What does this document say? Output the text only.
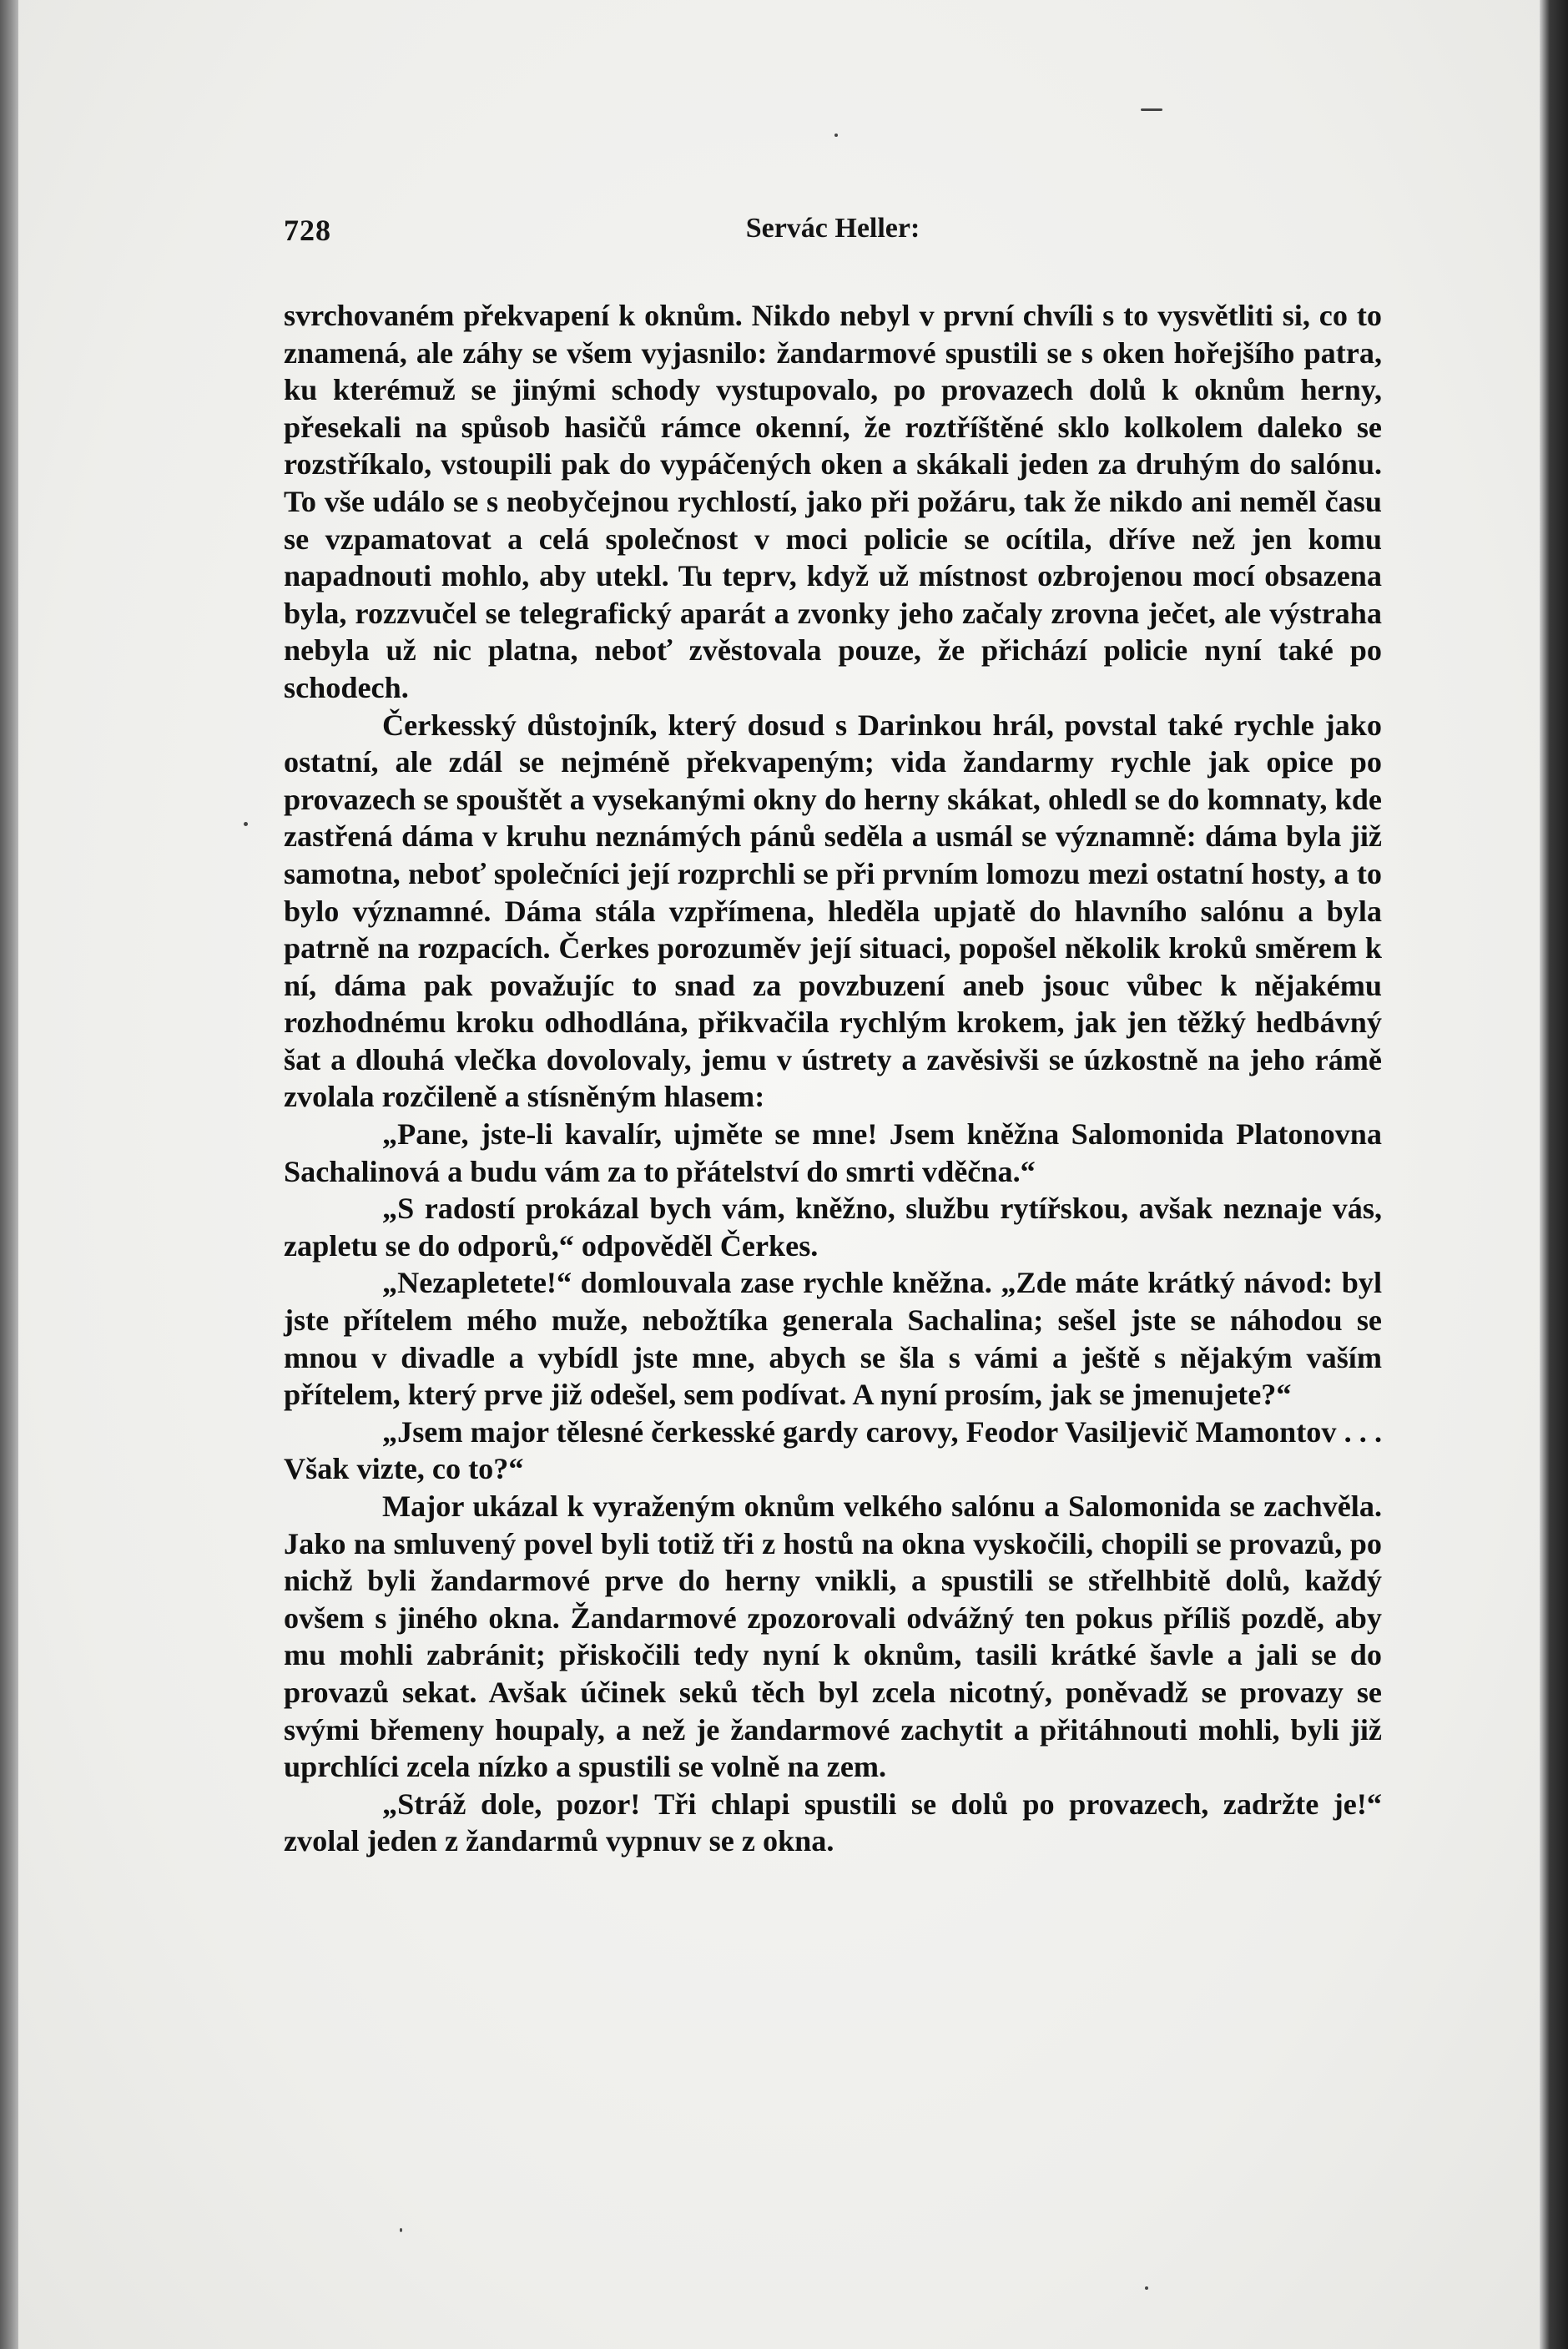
728	Servác Heller:

svrchovaném překvapení k oknům. Nikdo nebyl v první chvíli s to vysvětliti si, co to znamená, ale záhy se všem vyjasnilo: žandarmové spustili se s oken hořejšího patra, ku kterémuž se jinými schody vystupovalo, po provazech dolů k oknům herny, přesekali na spůsob hasičů rámce okenní, že roztříštěné sklo kolkolem daleko se rozstříkalo, vstoupili pak do vypáčených oken a skákali jeden za druhým do salónu. To vše událo se s neobyčejnou rychlostí, jako při požáru, tak že nikdo ani neměl času se vzpamatovat a celá společnost v moci policie se ocítila, dříve než jen komu napadnouti mohlo, aby utekl. Tu teprv, když už místnost ozbrojenou mocí obsazena byla, rozzvučel se telegrafický aparát a zvonky jeho začaly zrovna ječet, ale výstraha nebyla už nic platna, neboť zvěstovala pouze, že přichází policie nyní také po schodech.

Čerkesský důstojník, který dosud s Darinkou hrál, povstal také rychle jako ostatní, ale zdál se nejméně překvapeným; vida žandarmy rychle jak opice po provazech se spouštět a vysekanými okny do herny skákat, ohledl se do komnaty, kde zastřená dáma v kruhu neznámých pánů seděla a usmál se významně: dáma byla již samotna, neboť společníci její rozprchli se při prvním lomozu mezi ostatní hosty, a to bylo významné. Dáma stála vzpřímena, hleděla upjatě do hlavního salónu a byla patrně na rozpacích. Čerkes porozuměv její situaci, popošel několik kroků směrem k ní, dáma pak považujíc to snad za povzbuzení aneb jsouc vůbec k nějakému rozhodnému kroku odhodlána, přikvačila rychlým krokem, jak jen těžký hedbávný šat a dlouhá vlečka dovolovaly, jemu v ústrety a zavěsivši se úzkostně na jeho rámě zvolala rozčileně a stísněným hlasem:

„Pane, jste-li kavalír, ujměte se mne! Jsem kněžna Salomonida Platonovna Sachalinová a budu vám za to přátelství do smrti vděčna.“

„S radostí prokázal bych vám, kněžno, službu rytířskou, avšak neznaje vás, zapletu se do odporů,“ odpověděl Čerkes.

„Nezapletete!“ domlouvala zase rychle kněžna. „Zde máte krátký návod: byl jste přítelem mého muže, nebožtíka generala Sachalina; sešel jste se náhodou se mnou v divadle a vybídl jste mne, abych se šla s vámi a ještě s nějakým vaším přítelem, který prve již odešel, sem podívat. A nyní prosím, jak se jmenujete?“

„Jsem major tělesné čerkesské gardy carovy, Feodor Vasiljevič Mamontov . . . Však vizte, co to?“

Major ukázal k vyraženým oknům velkého salónu a Salomonida se zachvěla. Jako na smluvený povel byli totiž tři z hostů na okna vyskočili, chopili se provazů, po nichž byli žandarmové prve do herny vnikli, a spustili se střelhbitě dolů, každý ovšem s jiného okna. Žandarmové zpozorovali odvážný ten pokus příliš pozdě, aby mu mohli zabránit; přiskočili tedy nyní k oknům, tasili krátké šavle a jali se do provazů sekat. Avšak účinek seků těch byl zcela nicotný, poněvadž se provazy se svými břemeny houpaly, a než je žandarmové zachytit a přitáhnouti mohli, byli již uprchlíci zcela nízko a spustili se volně na zem.

„Stráž dole, pozor! Tři chlapi spustili se dolů po provazech, zadržte je!“ zvolal jeden z žandarmů vypnuv se z okna.
